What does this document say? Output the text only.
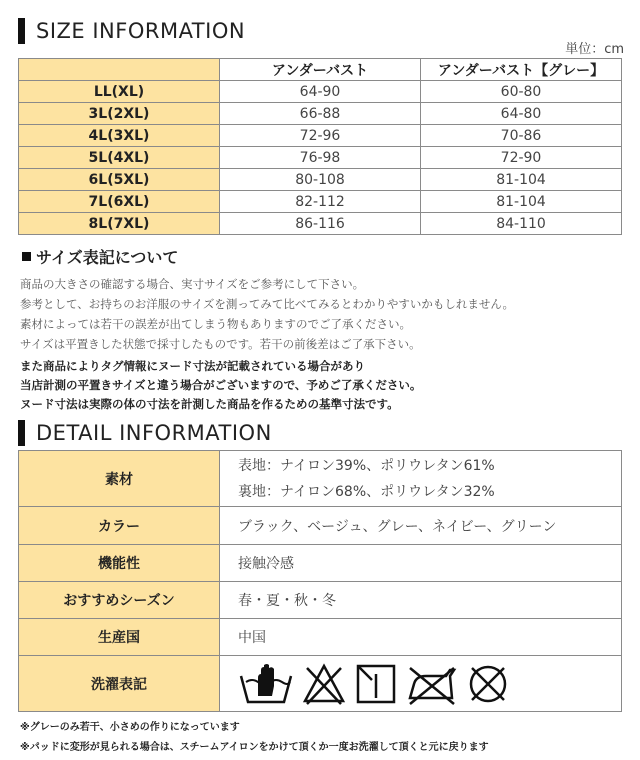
SIZE INFORMATION
単位：cm
	アンダーバスト	アンダーバスト【グレー】
LL(XL)	64-90	60-80
3L(2XL)	66-88	64-80
4L(3XL)	72-96	70-86
5L(4XL)	76-98	72-90
6L(5XL)	80-108	81-104
7L(6XL)	82-112	81-104
8L(7XL)	86-116	84-110
サイズ表記について
商品の大きさの確認する場合、実寸サイズをご参考にして下さい。
参考として、お持ちのお洋服のサイズを測ってみて比べてみるとわかりやすいかもしれません。
素材によっては若干の誤差が出てしまう物もありますのでご了承ください。
サイズは平置きした状態で採寸したものです。若干の前後差はご了承下さい。
また商品によりタグ情報にヌード寸法が記載されている場合があり
当店計測の平置きサイズと違う場合がございますので、予めご了承ください。
ヌード寸法は実際の体の寸法を計測した商品を作るための基準寸法です。
DETAIL INFORMATION
素材	表地：ナイロン39%、ポリウレタン61%
裏地：ナイロン68%、ポリウレタン32%

カラー	ブラック、ベージュ、グレー、ネイビー、グリーン
機能性	接触冷感
おすすめシーズン	春・夏・秋・冬
生産国	中国
洗濯表記	
※グレーのみ若干、小さめの作りになっています
※パッドに変形が見られる場合は、スチームアイロンをかけて頂くか一度お洗濯して頂くと元に戻ります
